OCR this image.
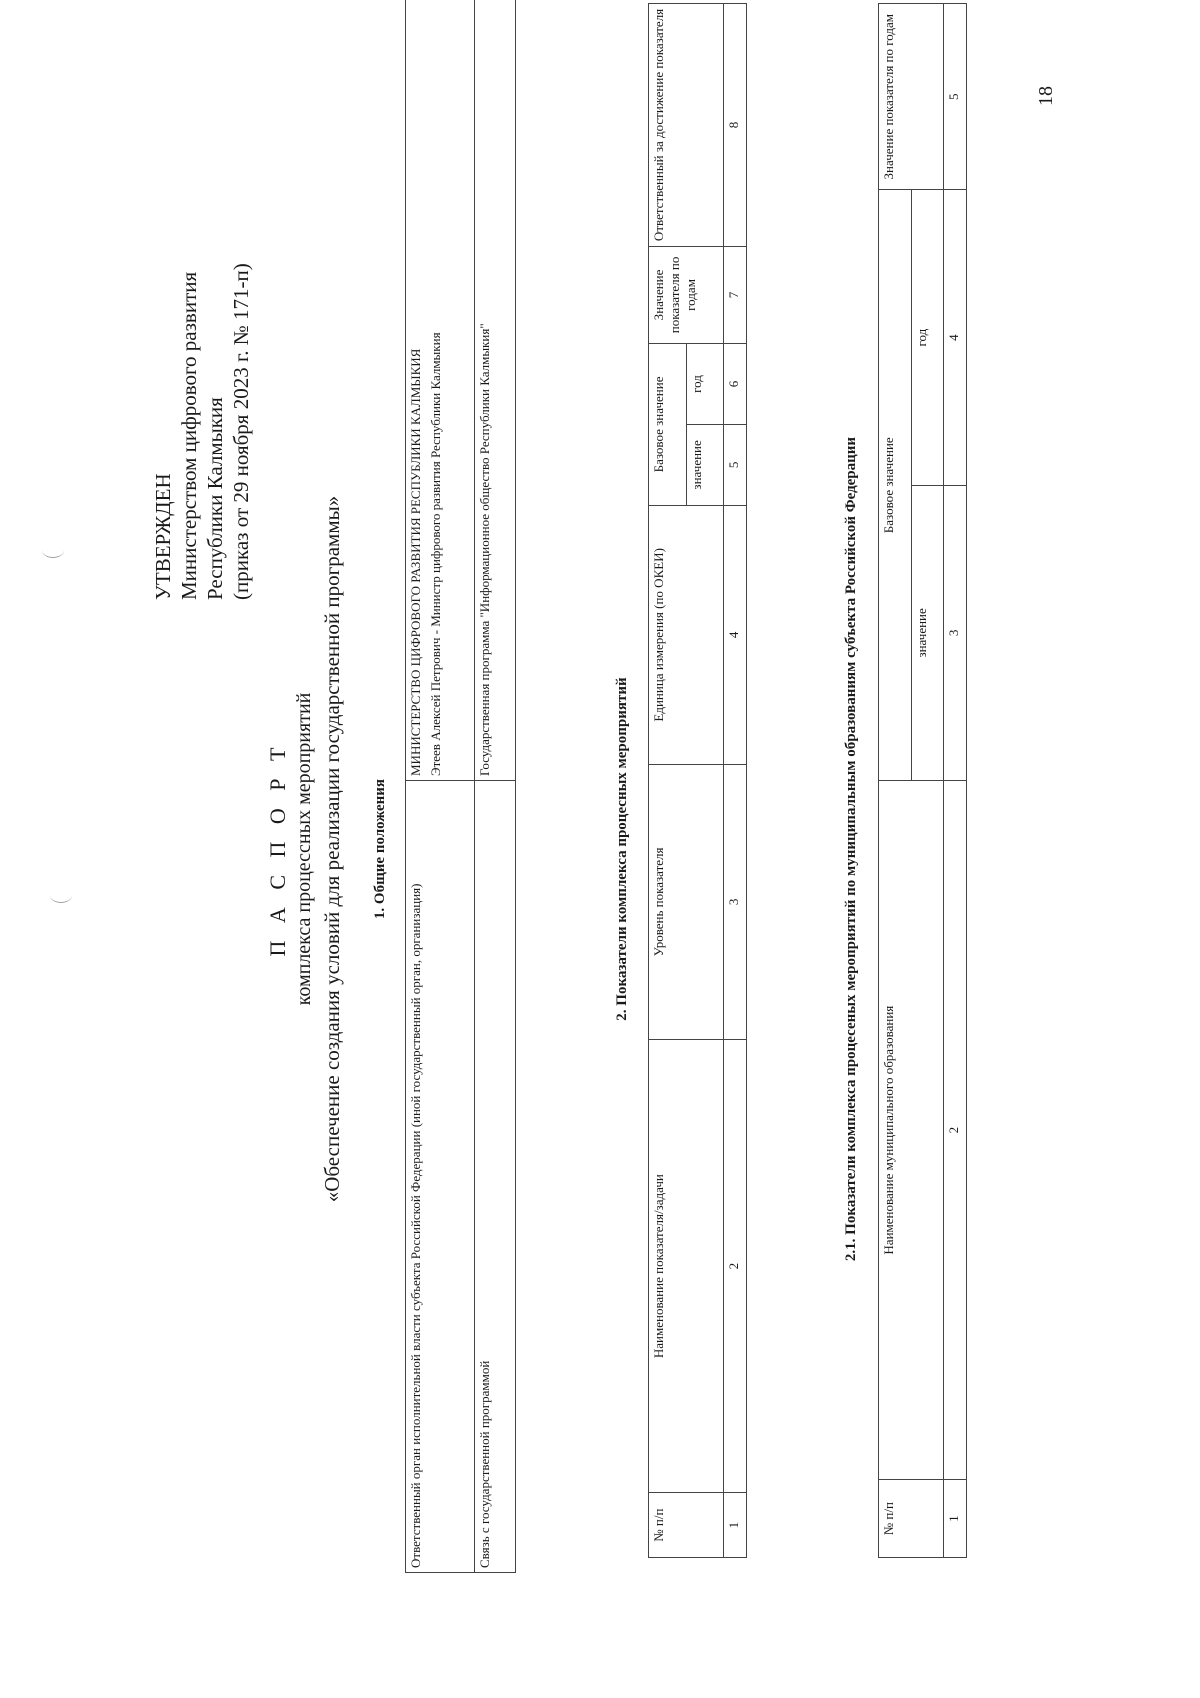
УТВЕРЖДЕН Министерством цифрового развития Республики Калмыкия (приказ от 29 ноября 2023 г. № 171-п)
П А С П О Р Т комплекса процессных мероприятий «Обеспечение создания условий для реализации государственной программы» 1. Общие положения
Ответственный орган исполнительной власти субъекта Российской Федерации (иной государственный орган, организация)	МИНИСТЕРСТВО ЦИФРОВОГО РАЗВИТИЯ РЕСПУБЛИКИ КАЛМЫКИЯ Этеев Алексей Петрович - Министр цифрового развития Республики Калмыкия

Связь с государственной программой	Государственная программа "Информационное общество Республики Калмыкия"
2. Показатели комплекса процесных мероприятий
№ п/п	Наименование показателя/задачи	Уровень показателя	Единица измерения (по ОКЕИ)	Базовое значение		Значение показателя по годам	Ответственный за достижение показателя
				значение	год		
1	2	3	4	5	6	7	8
2.1. Показатели комплекса процесеных мероприятий по муниципальным образованиям субъекта Российской Федерации
№ п/п	Наименование муниципального образования	Базовое значение		Значение показателя по годам
		значение	год	
1	2	3	4	5	18
